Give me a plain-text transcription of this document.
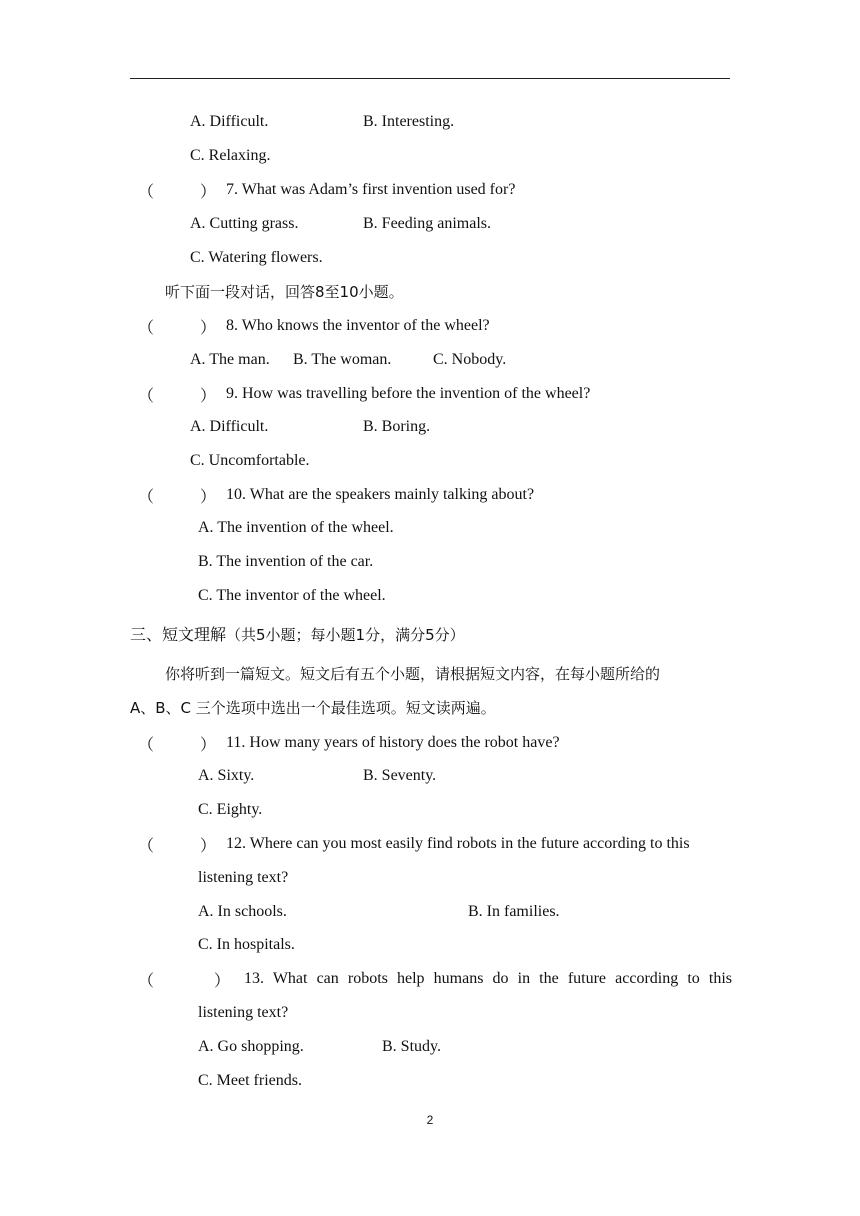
A. Difficult.	B. Interesting.
C. Relaxing.
（	） 7. What was Adam’s first invention used for?
A. Cutting grass.	B. Feeding animals.
C. Watering flowers.
听下面一段对话，回答8至10小题。
（	） 8. Who knows the inventor of the wheel?
A. The man. B. The woman.	C. Nobody.
（	） 9. How was travelling before the invention of the wheel?
A. Difficult.	B. Boring.
C. Uncomfortable.
（	） 10. What are the speakers mainly talking about?
A. The invention of the wheel.
B. The invention of the car.
C. The inventor of the wheel.
三、短文理解（共5小题；每小题1分，满分5分）
你将听到一篇短文。短文后有五个小题，请根据短文内容，在每小题所给的
A、B、C 三个选项中选出一个最佳选项。短文读两遍。
（	） 11. How many years of history does the robot have?
A. Sixty.	B. Seventy.
C. Eighty.
（	） 12. Where can you most easily find robots in the future according to this
listening text?
A. In schools.	B. In families.
C. In hospitals.
（	） 13. What can robots help humans do in the future according to this
listening text?
A. Go shopping.	B. Study.
C. Meet friends.
2
